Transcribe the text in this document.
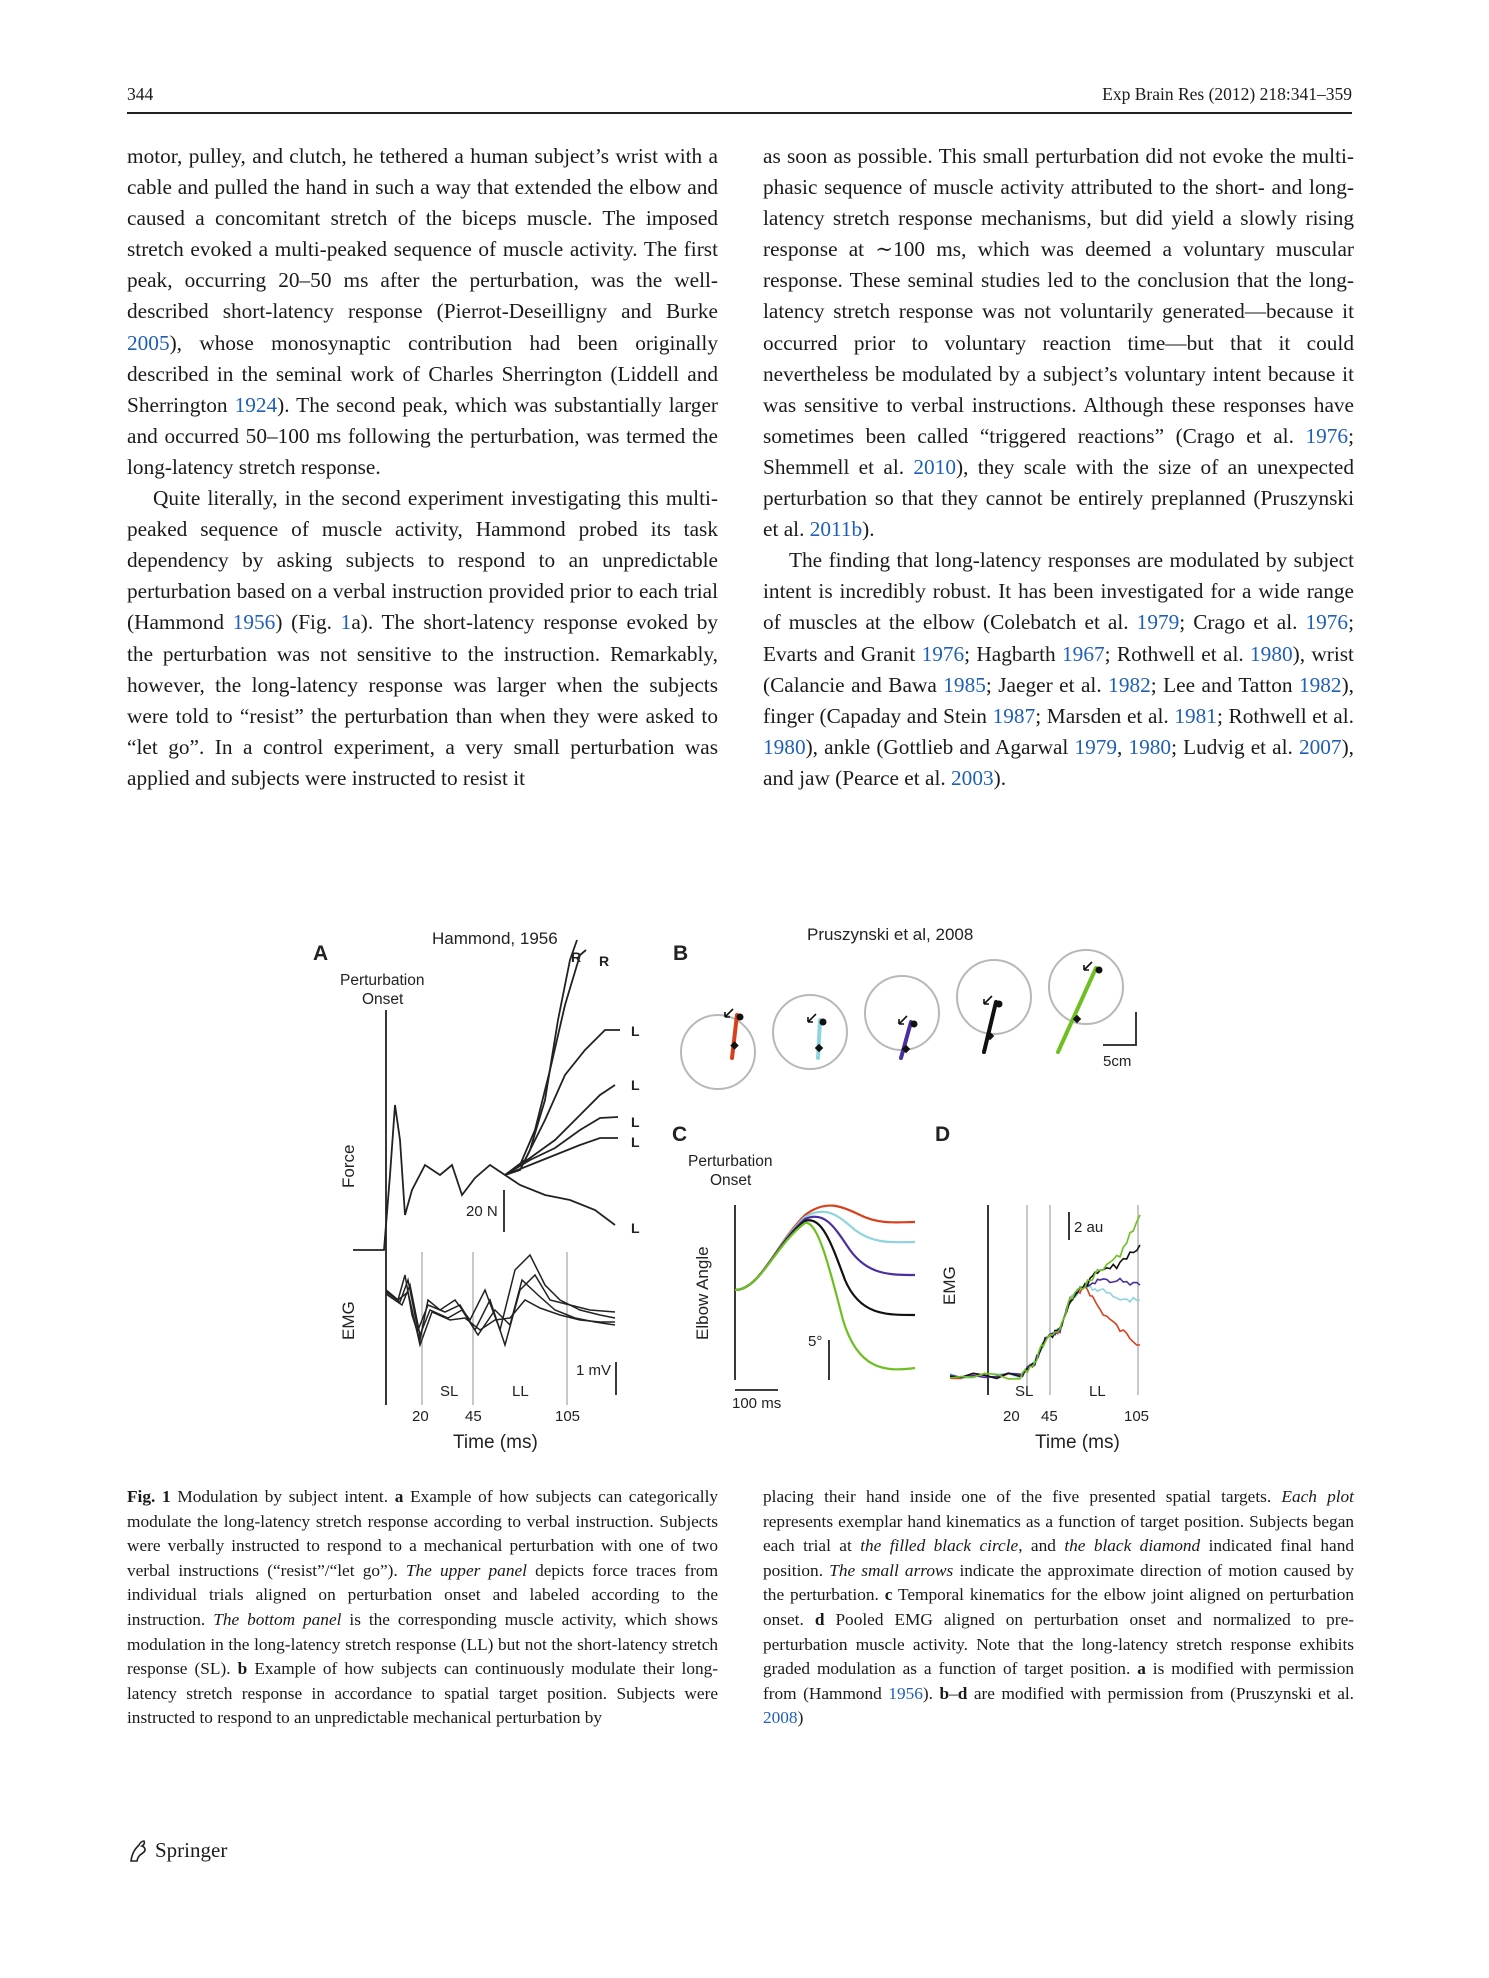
344	Exp Brain Res (2012) 218:341–359

motor, pulley, and clutch, he tethered a human subject’s wrist with a cable and pulled the hand in such a way that extended the elbow and caused a concomitant stretch of the biceps muscle. The imposed stretch evoked a multi-peaked sequence of muscle activity. The first peak, occurring 20–50 ms after the perturbation, was the well-described short-latency response (Pierrot-Deseilligny and Burke 2005), whose monosynaptic contribution had been originally described in the seminal work of Charles Sherrington (Liddell and Sherrington 1924). The second peak, which was substantially larger and occurred 50–100 ms following the perturbation, was termed the long-latency stretch response.

Quite literally, in the second experiment investigating this multi-peaked sequence of muscle activity, Hammond probed its task dependency by asking subjects to respond to an unpredictable perturbation based on a verbal instruction provided prior to each trial (Hammond 1956) (Fig. 1a). The short-latency response evoked by the perturbation was not sensitive to the instruction. Remarkably, however, the long-latency response was larger when the subjects were told to “resist” the perturbation than when they were asked to “let go”. In a control experiment, a very small perturbation was applied and subjects were instructed to resist it

as soon as possible. This small perturbation did not evoke the multi-phasic sequence of muscle activity attributed to the short- and long-latency stretch response mechanisms, but did yield a slowly rising response at ∼100 ms, which was deemed a voluntary muscular response. These seminal studies led to the conclusion that the long-latency stretch response was not voluntarily generated—because it occurred prior to voluntary reaction time—but that it could nevertheless be modulated by a subject’s voluntary intent because it was sensitive to verbal instructions. Although these responses have sometimes been called “triggered reactions” (Crago et al. 1976; Shemmell et al. 2010), they scale with the size of an unexpected perturbation so that they cannot be entirely preplanned (Pruszynski et al. 2011b).

The finding that long-latency responses are modulated by subject intent is incredibly robust. It has been investigated for a wide range of muscles at the elbow (Colebatch et al. 1979; Crago et al. 1976; Evarts and Granit 1976; Hagbarth 1967; Rothwell et al. 1980), wrist (Calancie and Bawa 1985; Jaeger et al. 1982; Lee and Tatton 1982), finger (Capaday and Stein 1987; Marsden et al. 1981; Rothwell et al. 1980), ankle (Gottlieb and Agarwal 1979, 1980; Ludvig et al. 2007), and jaw (Pearce et al. 2003).

A
Hammond, 1956
Perturbation
Onset
Force
EMG
20 N
1 mV
SL	LL
20 45	105
Time (ms)
R R
L
L
L
L
L
B
Pruszynski et al, 2008
5cm
C
Perturbation
Onset
Elbow Angle
5°
100 ms
D
EMG
2 au
SL	LL
20 45	105
Time (ms)

Fig. 1 Modulation by subject intent. a Example of how subjects can categorically modulate the long-latency stretch response according to verbal instruction. Subjects were verbally instructed to respond to a mechanical perturbation with one of two verbal instructions (“resist”/“let go”). The upper panel depicts force traces from individual trials aligned on perturbation onset and labeled according to the instruction. The bottom panel is the corresponding muscle activity, which shows modulation in the long-latency stretch response (LL) but not the short-latency stretch response (SL). b Example of how subjects can continuously modulate their long-latency stretch response in accordance to spatial target position. Subjects were instructed to respond to an unpredictable mechanical perturbation by

placing their hand inside one of the five presented spatial targets. Each plot represents exemplar hand kinematics as a function of target position. Subjects began each trial at the filled black circle, and the black diamond indicated final hand position. The small arrows indicate the approximate direction of motion caused by the perturbation. c Temporal kinematics for the elbow joint aligned on perturbation onset. d Pooled EMG aligned on perturbation onset and normalized to pre-perturbation muscle activity. Note that the long-latency stretch response exhibits graded modulation as a function of target position. a is modified with permission from (Hammond 1956). b–d are modified with permission from (Pruszynski et al. 2008)

Springer
